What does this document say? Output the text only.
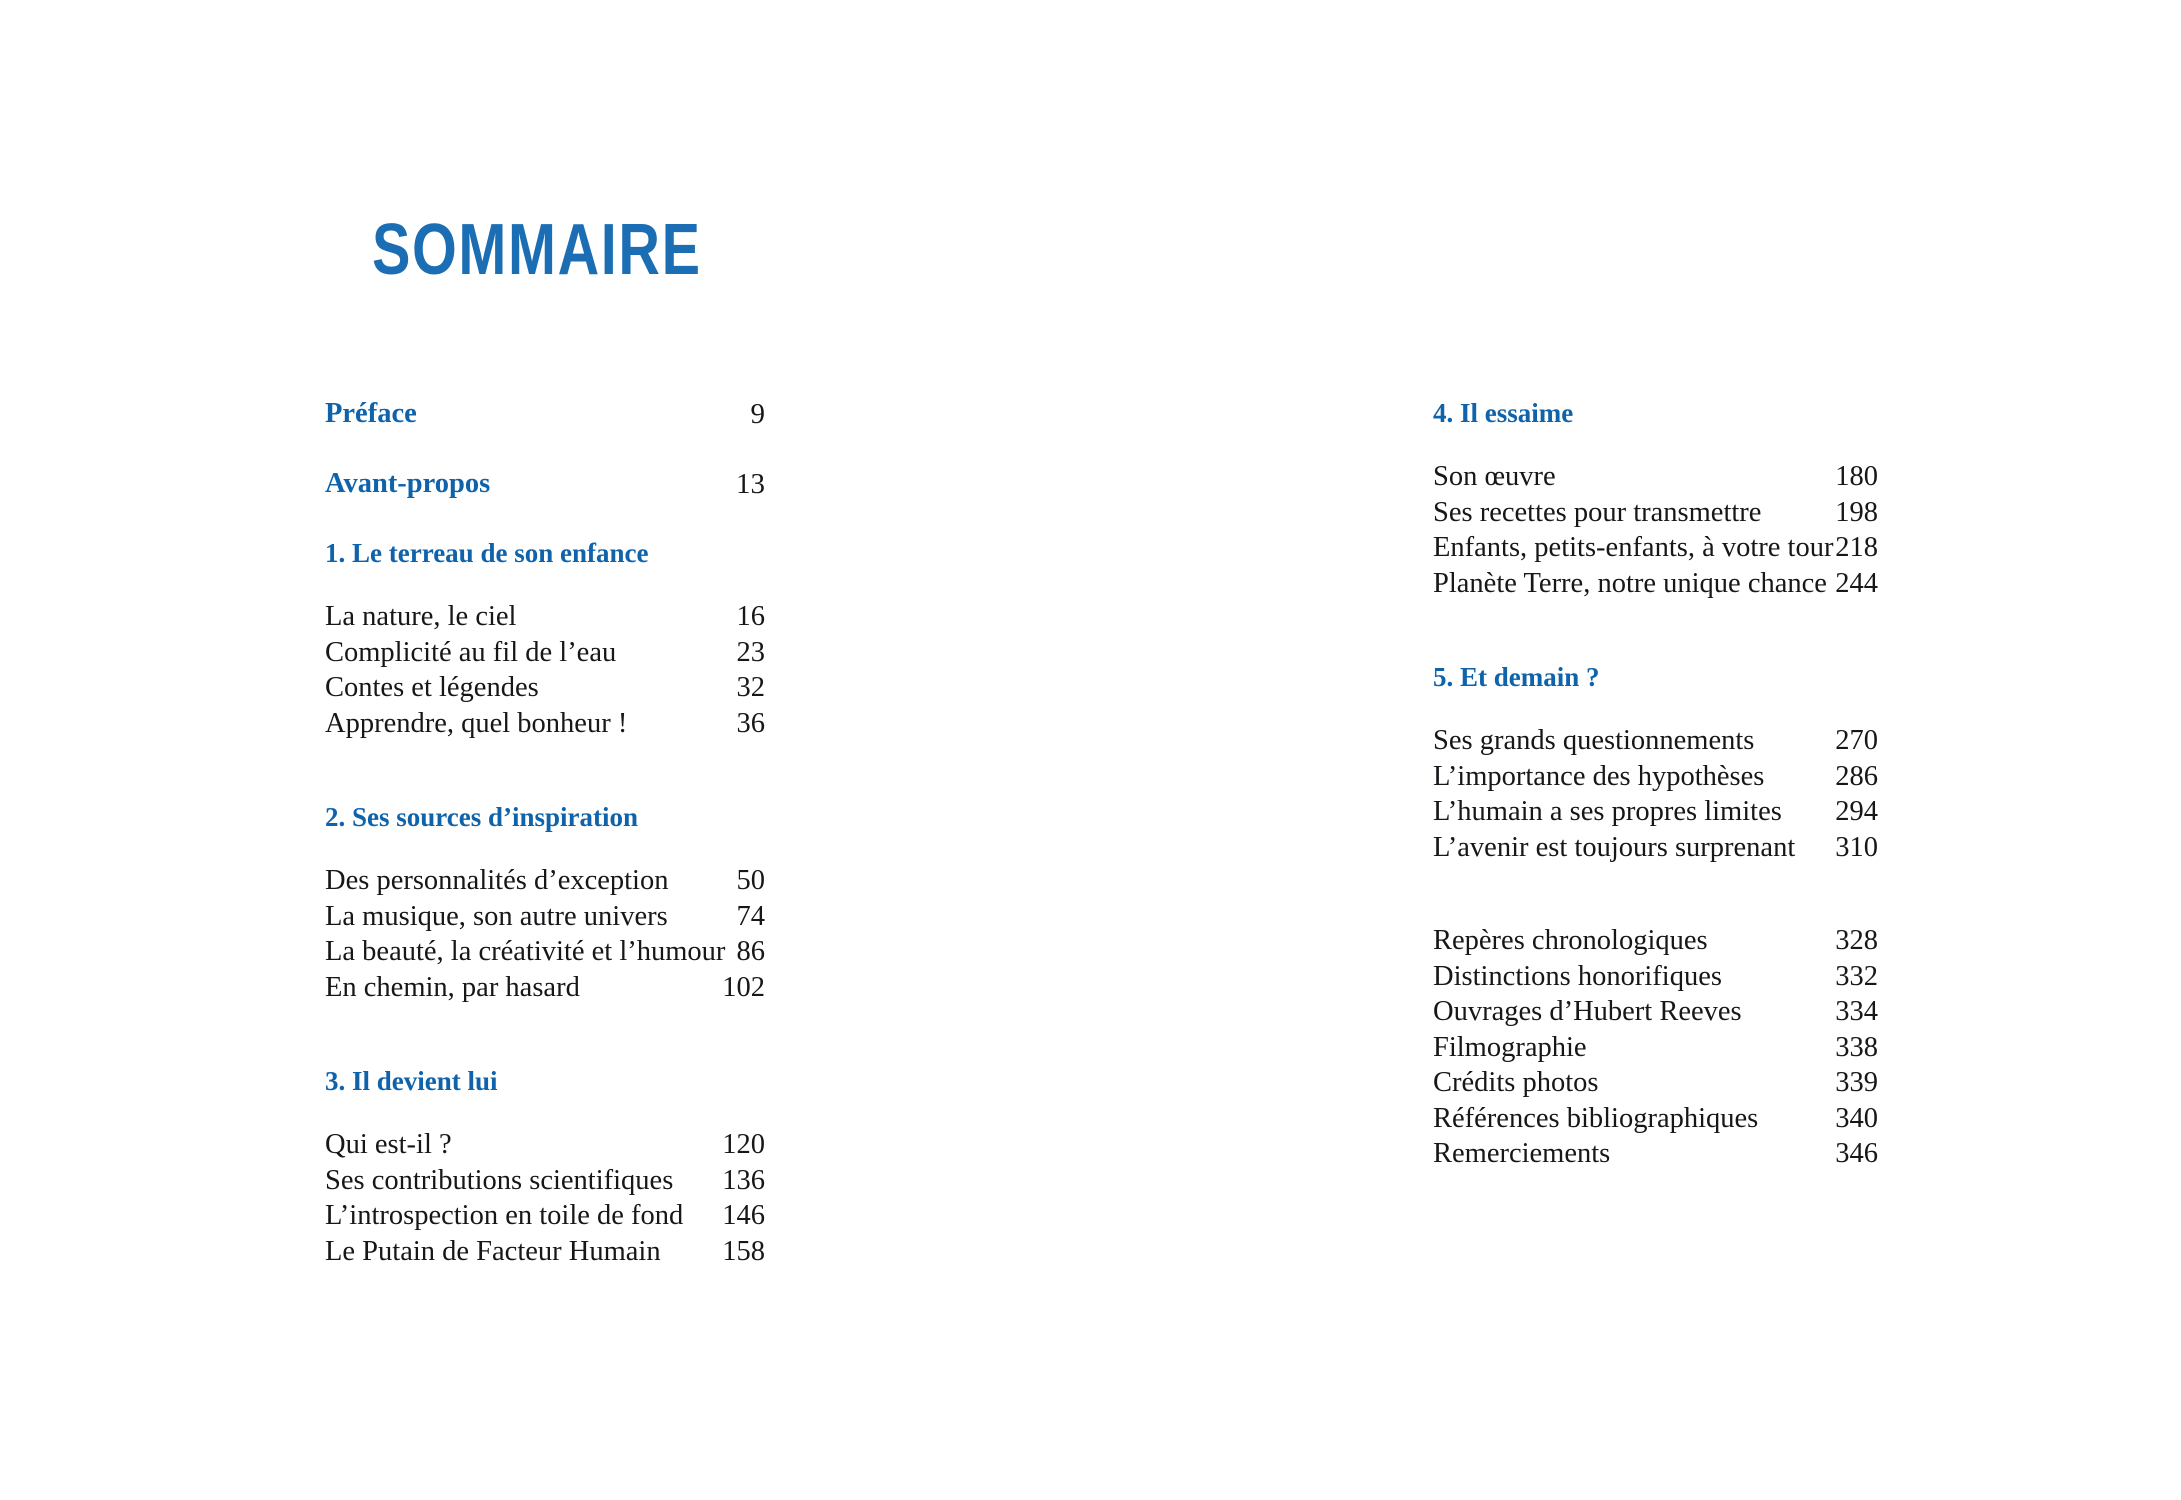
SOMMAIRE
Préface	9
Avant-propos	13
1. Le terreau de son enfance
La nature, le ciel	16
Complicité au fil de l’eau	23
Contes et légendes	32
Apprendre, quel bonheur !	36
2. Ses sources d’inspiration
Des personnalités d’exception 50
La musique, son autre univers 74
La beauté, la créativité et l’humour 86
En chemin, par hasard	102
3. Il devient lui
Qui est-il ?	120
Ses contributions scientifiques 136
L’introspection en toile de fond 146
Le Putain de Facteur Humain 158
4. Il essaime
Son œuvre	180
Ses recettes pour transmettre	198
Enfants, petits-enfants, à votre tour 218
Planète Terre, notre unique chance 244
5. Et demain ?
Ses grands questionnements	270
L’importance des hypothèses 286
L’humain a ses propres limites 294
L’avenir est toujours surprenant 310
Repères chronologiques	328
Distinctions honorifiques	332
Ouvrages d’Hubert Reeves	334
Filmographie	338
Crédits photos	339
Références bibliographiques	340
Remerciements	346
